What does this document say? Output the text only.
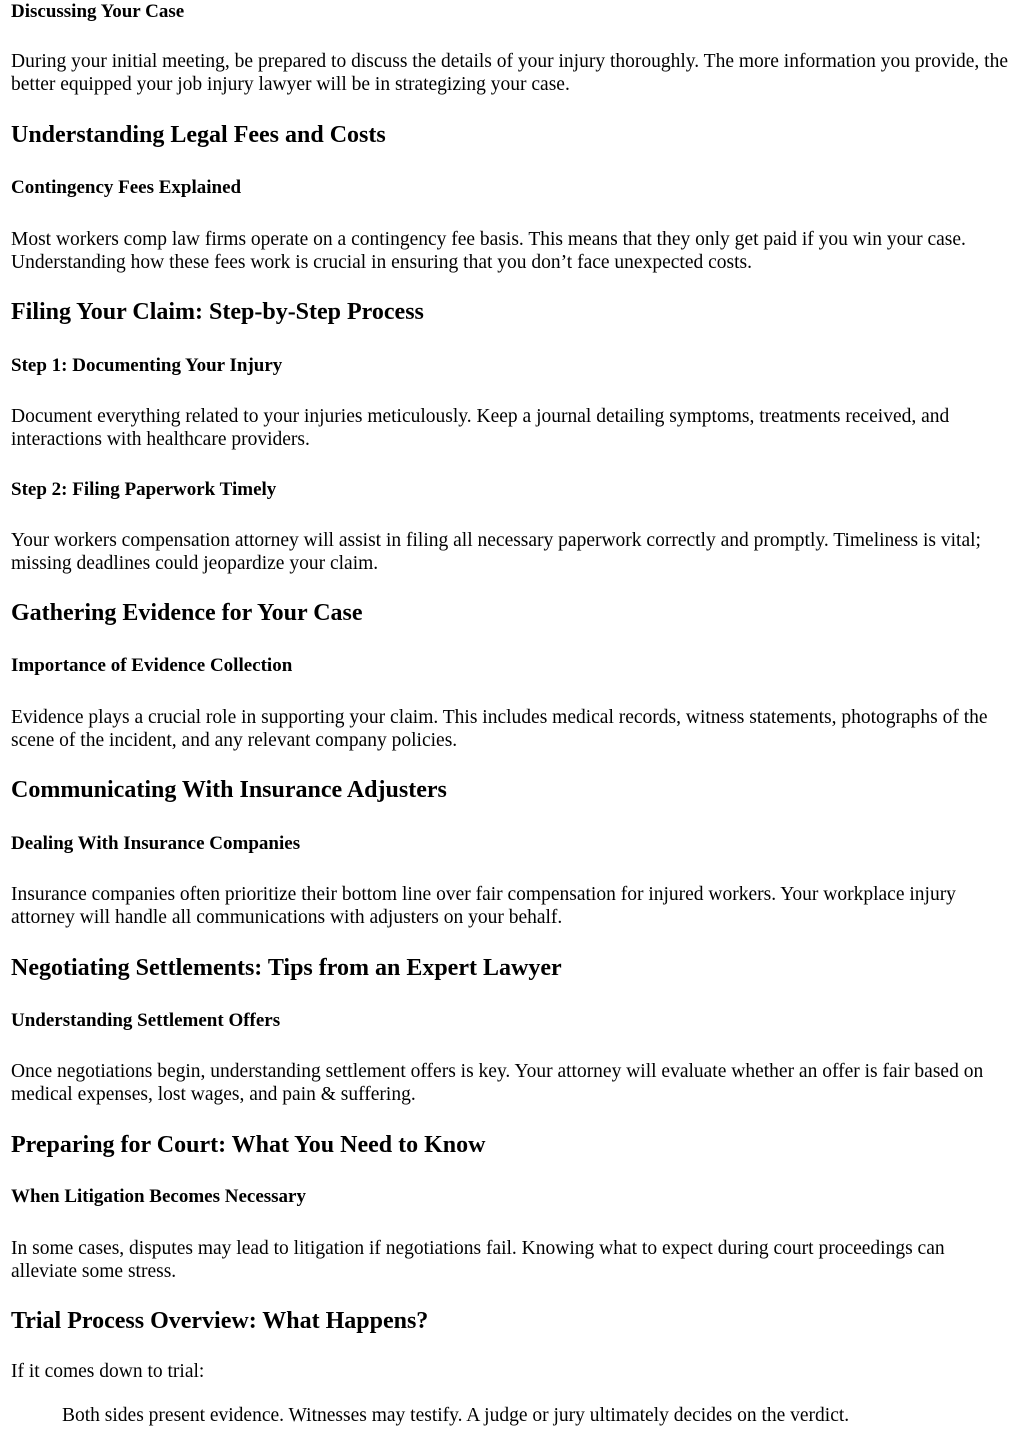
Discussing Your Case

During your initial meeting, be prepared to discuss the details of your injury thoroughly. The more information you provide, the better equipped your job injury lawyer will be in strategizing your case.

Understanding Legal Fees and Costs
Contingency Fees Explained

Most workers comp law firms operate on a contingency fee basis. This means that they only get paid if you win your case. Understanding how these fees work is crucial in ensuring that you don’t face unexpected costs.

Filing Your Claim: Step-by-Step Process
Step 1: Documenting Your Injury

Document everything related to your injuries meticulously. Keep a journal detailing symptoms, treatments received, and interactions with healthcare providers.

Step 2: Filing Paperwork Timely

Your workers compensation attorney will assist in filing all necessary paperwork correctly and promptly. Timeliness is vital; missing deadlines could jeopardize your claim.

Gathering Evidence for Your Case
Importance of Evidence Collection

Evidence plays a crucial role in supporting your claim. This includes medical records, witness statements, photographs of the scene of the incident, and any relevant company policies.

Communicating With Insurance Adjusters
Dealing With Insurance Companies

Insurance companies often prioritize their bottom line over fair compensation for injured workers. Your workplace injury attorney will handle all communications with adjusters on your behalf.

Negotiating Settlements: Tips from an Expert Lawyer
Understanding Settlement Offers

Once negotiations begin, understanding settlement offers is key. Your attorney will evaluate whether an offer is fair based on medical expenses, lost wages, and pain & suffering.

Preparing for Court: What You Need to Know
When Litigation Becomes Necessary

In some cases, disputes may lead to litigation if negotiations fail. Knowing what to expect during court proceedings can alleviate some stress.

Trial Process Overview: What Happens?

If it comes down to trial:

Both sides present evidence. Witnesses may testify. A judge or jury ultimately decides on the verdict.
